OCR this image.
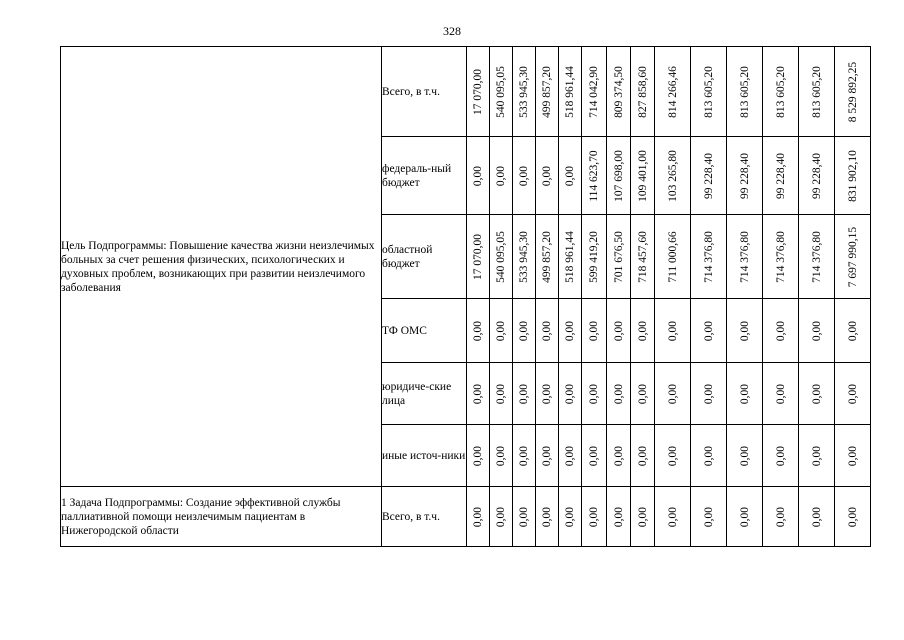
328
Цель Подпрограммы: Повышение качества жизни неизлечимых больных за счет решения физических, психологических и духовных проблем, возникающих при развитии неизлечимого заболевания	Всего, в т.ч.	17 070,00	540 095,05	533 945,30	499 857,20	518 961,44	714 042,90	809 374,50	827 858,60	814 266,46	813 605,20	813 605,20	813 605,20	813 605,20	8 529 892,25

	федераль-ный бюджет	0,00	0,00	0,00	0,00	0,00	114 623,70	107 698,00	109 401,00	103 265,80	99 228,40	99 228,40	99 228,40	99 228,40	831 902,10

	областной бюджет	17 070,00	540 095,05	533 945,30	499 857,20	518 961,44	599 419,20	701 676,50	718 457,60	711 000,66	714 376,80	714 376,80	714 376,80	714 376,80	7 697 990,15

	ТФ ОМС	0,00	0,00	0,00	0,00	0,00	0,00	0,00	0,00	0,00	0,00	0,00	0,00	0,00	0,00

	юридиче-ские лица	0,00	0,00	0,00	0,00	0,00	0,00	0,00	0,00	0,00	0,00	0,00	0,00	0,00	0,00

	иные источ-ники	0,00	0,00	0,00	0,00	0,00	0,00	0,00	0,00	0,00	0,00	0,00	0,00	0,00	0,00

1 Задача Подпрограммы: Создание эффективной службы паллиативной помощи неизлечимым пациентам в Нижегородской области	Всего, в т.ч.	0,00	0,00	0,00	0,00	0,00	0,00	0,00	0,00	0,00	0,00	0,00	0,00	0,00	0,00
